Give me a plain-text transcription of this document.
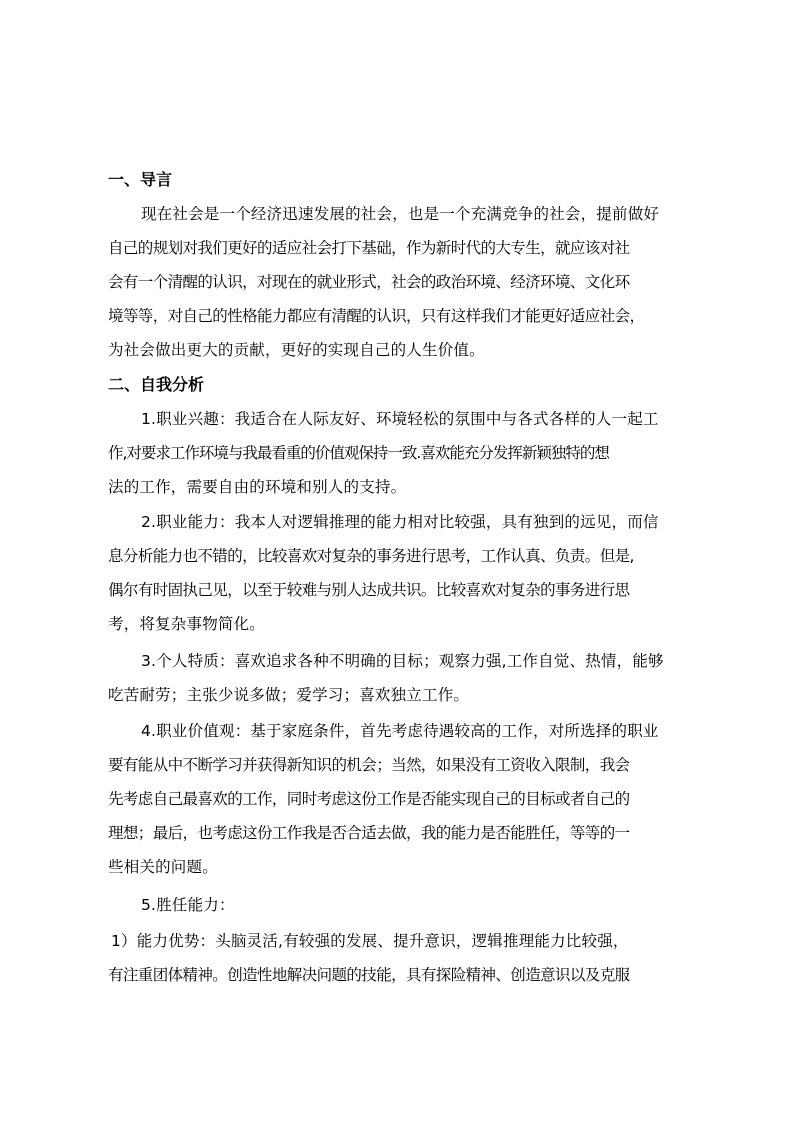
一、导言
现在社会是一个经济迅速发展的社会，也是一个充满竞争的社会，提前做好
自己的规划对我们更好的适应社会打下基础，作为新时代的大专生，就应该对社
会有一个清醒的认识，对现在的就业形式，社会的政治环境、经济环境、文化环
境等等，对自己的性格能力都应有清醒的认识，只有这样我们才能更好适应社会，
为社会做出更大的贡献，更好的实现自己的人生价值。
二、自我分析
1.职业兴趣：我适合在人际友好、环境轻松的氛围中与各式各样的人一起工
作,对要求工作环境与我最看重的价值观保持一致.喜欢能充分发挥新颖独特的想
法的工作，需要自由的环境和别人的支持。
2.职业能力：我本人对逻辑推理的能力相对比较强，具有独到的远见，而信
息分析能力也不错的，比较喜欢对复杂的事务进行思考，工作认真、负责。但是,
偶尔有时固执己见，以至于较难与别人达成共识。比较喜欢对复杂的事务进行思
考，将复杂事物简化。
3.个人特质：喜欢追求各种不明确的目标；观察力强,工作自觉、热情，能够
吃苦耐劳；主张少说多做；爱学习；喜欢独立工作。
4.职业价值观：基于家庭条件，首先考虑待遇较高的工作，对所选择的职业
要有能从中不断学习并获得新知识的机会；当然，如果没有工资收入限制，我会
先考虑自己最喜欢的工作，同时考虑这份工作是否能实现自己的目标或者自己的
理想；最后，也考虑这份工作我是否合适去做，我的能力是否能胜任，等等的一
些相关的问题。
5.胜任能力：
1）能力优势：头脑灵活,有较强的发展、提升意识，逻辑推理能力比较强，
有注重团体精神。创造性地解决问题的技能，具有探险精神、创造意识以及克服
